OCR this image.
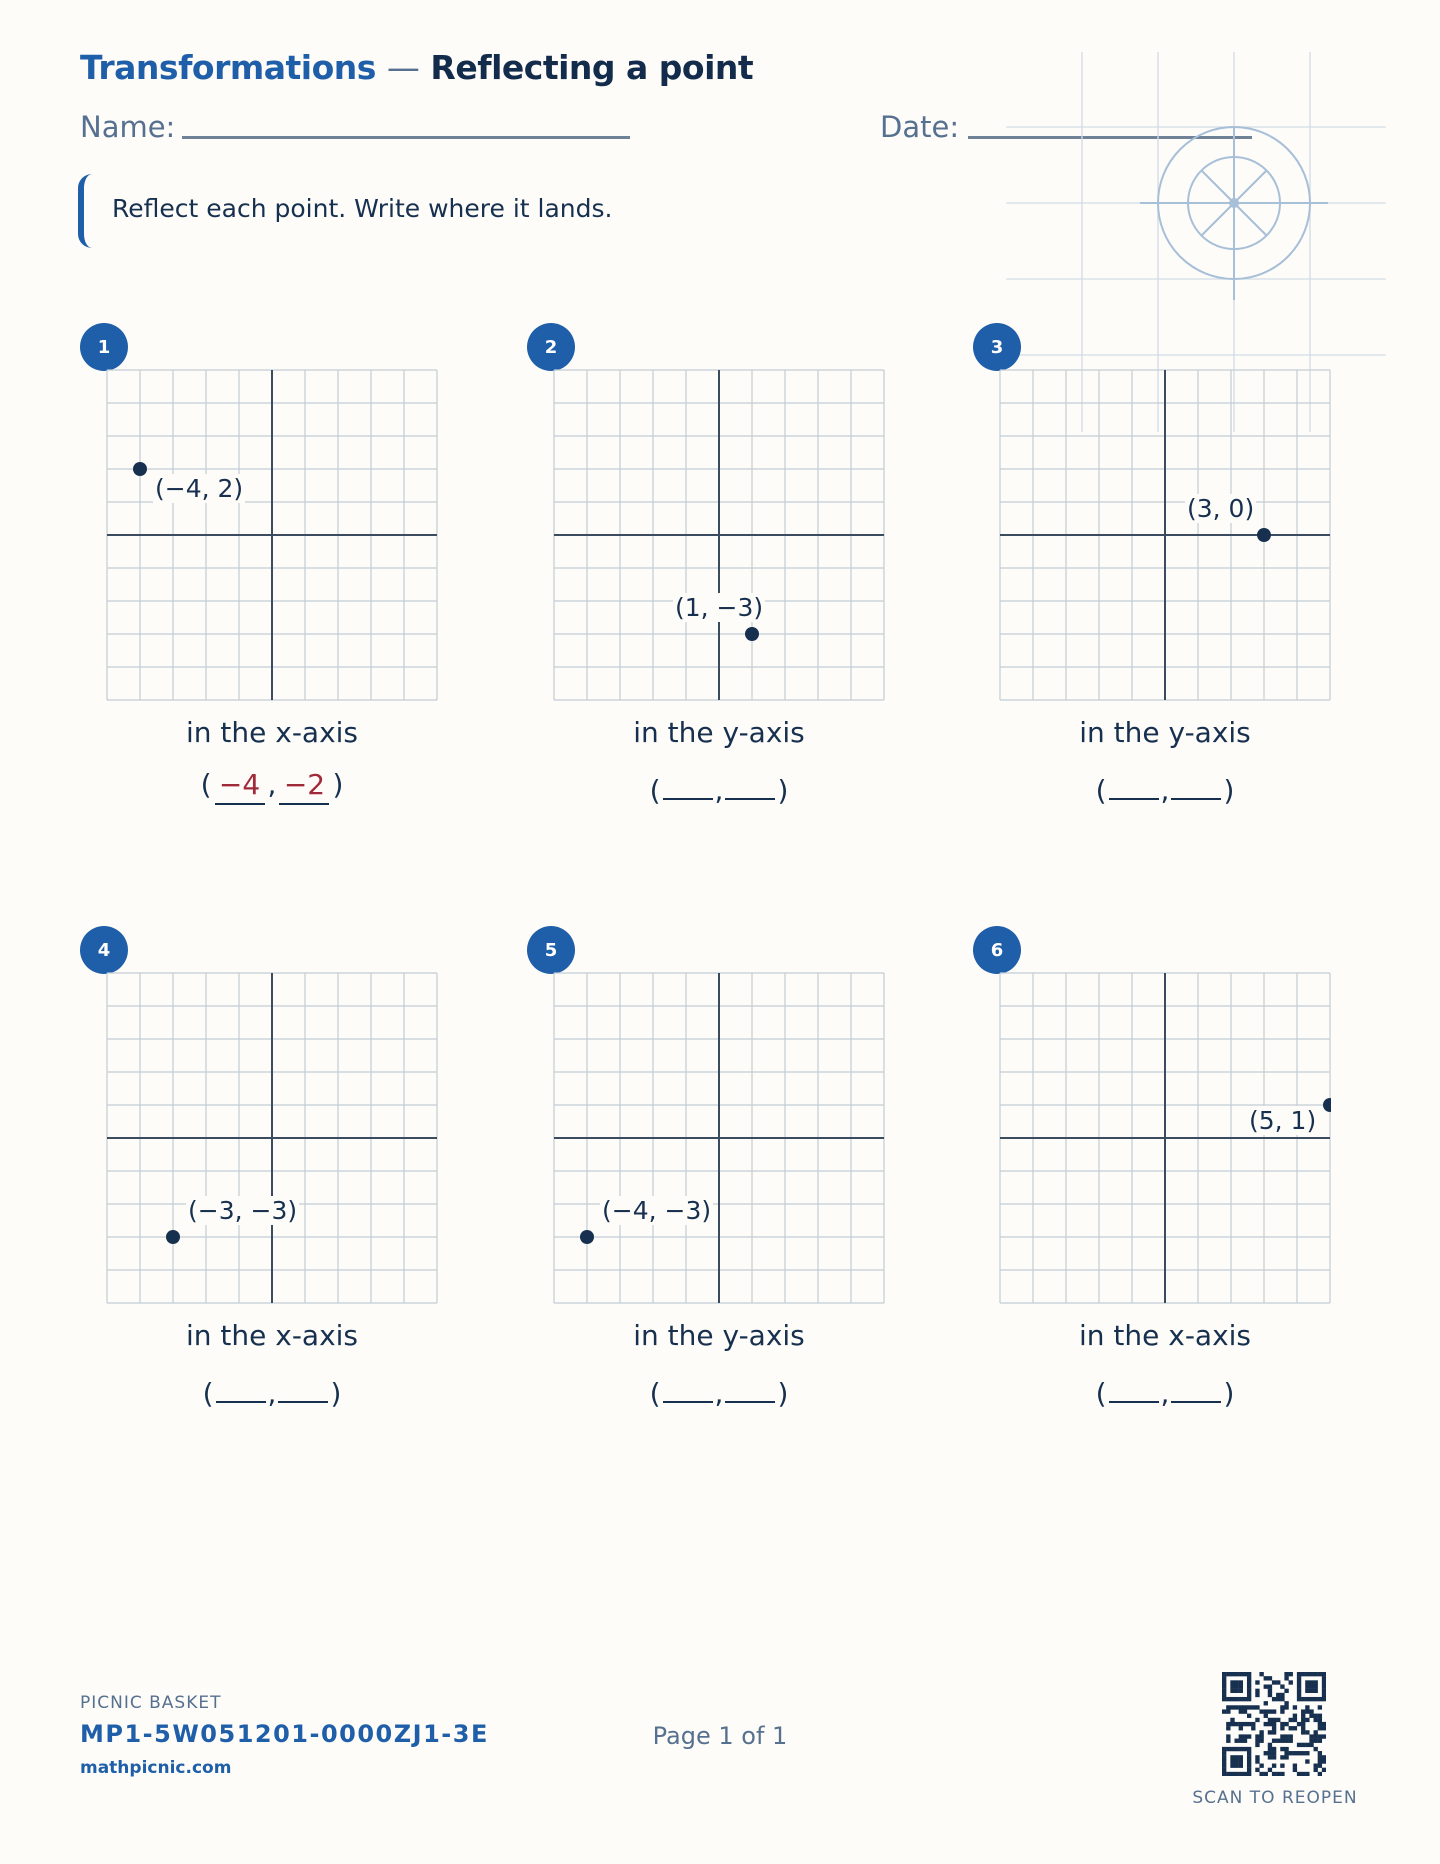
Transformations — Reflecting a point
Name:	Date:
Reflect each point. Write where it lands.
1
(−4, 2)
in the x-axis
( −4 , −2 )
2
(1, −3)
in the y-axis
( , )
3
(3, 0)
in the y-axis
( , )
4
(−3, −3)
in the x-axis
( , )
5
(−4, −3)
in the y-axis
( , )
6
(5, 1)
in the x-axis
( , )
PICNIC BASKET
MP1-5W051201-0000ZJ1-3E
mathpicnic.com
Page 1 of 1
SCAN TO REOPEN
